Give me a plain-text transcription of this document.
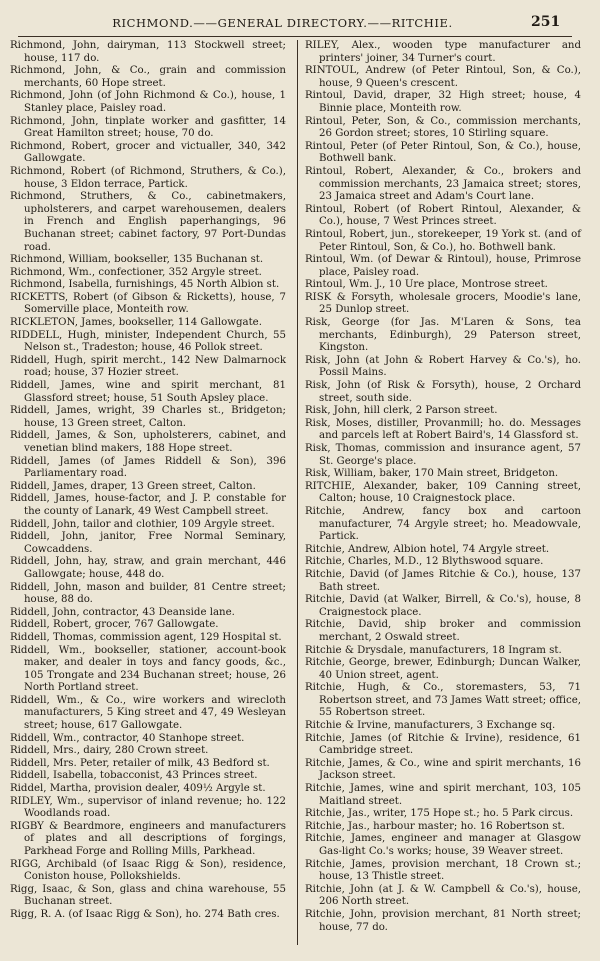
RICHMOND.——GENERAL DIRECTORY.——RITCHIE.	251
Richmond, John, dairyman, 113 Stockwell street; house, 117 do.
Richmond, John, & Co., grain and commission merchants, 60 Hope street.
Richmond, John (of John Richmond & Co.), house, 1 Stanley place, Paisley road.
Richmond, John, tinplate worker and gasfitter, 14 Great Hamilton street; house, 70 do.
Richmond, Robert, grocer and victualler, 340, 342 Gallowgate.
Richmond, Robert (of Richmond, Struthers, & Co.), house, 3 Eldon terrace, Partick.
Richmond, Struthers, & Co., cabinetmakers, upholsterers, and carpet warehousemen, dealers in French and English paperhangings, 96 Buchanan street; cabinet factory, 97 Port-Dundas road.
Richmond, William, bookseller, 135 Buchanan st.
Richmond, Wm., confectioner, 352 Argyle street.
Richmond, Isabella, furnishings, 45 North Albion st.
RICKETTS, Robert (of Gibson & Ricketts), house, 7 Somerville place, Monteith row.
RICKLETON, James, bookseller, 114 Gallowgate.
RIDDELL, Hugh, minister, Independent Church, 55 Nelson st., Tradeston; house, 46 Pollok street.
Riddell, Hugh, spirit mercht., 142 New Dalmarnock road; house, 37 Hozier street.
Riddell, James, wine and spirit merchant, 81 Glassford street; house, 51 South Apsley place.
Riddell, James, wright, 39 Charles st., Bridgeton; house, 13 Green street, Calton.
Riddell, James, & Son, upholsterers, cabinet, and venetian blind makers, 188 Hope street.
Riddell, James (of James Riddell & Son), 396 Parliamentary road.
Riddell, James, draper, 13 Green street, Calton.
Riddell, James, house-factor, and J. P. constable for the county of Lanark, 49 West Campbell street.
Riddell, John, tailor and clothier, 109 Argyle street.
Riddell, John, janitor, Free Normal Seminary, Cowcaddens.
Riddell, John, hay, straw, and grain merchant, 446 Gallowgate; house, 448 do.
Riddell, John, mason and builder, 81 Centre street; house, 88 do.
Riddell, John, contractor, 43 Deanside lane.
Riddell, Robert, grocer, 767 Gallowgate.
Riddell, Thomas, commission agent, 129 Hospital st.
Riddell, Wm., bookseller, stationer, account-book maker, and dealer in toys and fancy goods, &c., 105 Trongate and 234 Buchanan street; house, 26 North Portland street.
Riddell, Wm., & Co., wire workers and wirecloth manufacturers, 5 King street and 47, 49 Wesleyan street; house, 617 Gallowgate.
Riddell, Wm., contractor, 40 Stanhope street.
Riddell, Mrs., dairy, 280 Crown street.
Riddell, Mrs. Peter, retailer of milk, 43 Bedford st.
Riddell, Isabella, tobacconist, 43 Princes street.
Riddel, Martha, provision dealer, 409½ Argyle st.
RIDLEY, Wm., supervisor of inland revenue; ho. 122 Woodlands road.
RIGBY & Beardmore, engineers and manufacturers of plates and all descriptions of forgings, Parkhead Forge and Rolling Mills, Parkhead.
RIGG, Archibald (of Isaac Rigg & Son), residence, Coniston house, Pollokshields.
Rigg, Isaac, & Son, glass and china warehouse, 55 Buchanan street.
Rigg, R. A. (of Isaac Rigg & Son), ho. 274 Bath cres.
RILEY, Alex., wooden type manufacturer and printers' joiner, 34 Turner's court.
RINTOUL, Andrew (of Peter Rintoul, Son, & Co.), house, 9 Queen's crescent.
Rintoul, David, draper, 32 High street; house, 4 Binnie place, Monteith row.
Rintoul, Peter, Son, & Co., commission merchants, 26 Gordon street; stores, 10 Stirling square.
Rintoul, Peter (of Peter Rintoul, Son, & Co.), house, Bothwell bank.
Rintoul, Robert, Alexander, & Co., brokers and commission merchants, 23 Jamaica street; stores, 23 Jamaica street and Adam's Court lane.
Rintoul, Robert (of Robert Rintoul, Alexander, & Co.), house, 7 West Princes street.
Rintoul, Robert, jun., storekeeper, 19 York st. (and of Peter Rintoul, Son, & Co.), ho. Bothwell bank.
Rintoul, Wm. (of Dewar & Rintoul), house, Primrose place, Paisley road.
Rintoul, Wm. J., 10 Ure place, Montrose street.
RISK & Forsyth, wholesale grocers, Moodie's lane, 25 Dunlop street.
Risk, George (for Jas. M'Laren & Sons, tea merchants, Edinburgh), 29 Paterson street, Kingston.
Risk, John (at John & Robert Harvey & Co.'s), ho. Possil Mains.
Risk, John (of Risk & Forsyth), house, 2 Orchard street, south side.
Risk, John, hill clerk, 2 Parson street.
Risk, Moses, distiller, Provanmill; ho. do. Messages and parcels left at Robert Baird's, 14 Glassford st.
Risk, Thomas, commission and insurance agent, 57 St. George's place.
Risk, William, baker, 170 Main street, Bridgeton.
RITCHIE, Alexander, baker, 109 Canning street, Calton; house, 10 Craignestock place.
Ritchie, Andrew, fancy box and cartoon manufacturer, 74 Argyle street; ho. Meadowvale, Partick.
Ritchie, Andrew, Albion hotel, 74 Argyle street.
Ritchie, Charles, M.D., 12 Blythswood square.
Ritchie, David (of James Ritchie & Co.), house, 137 Bath street.
Ritchie, David (at Walker, Birrell, & Co.'s), house, 8 Craignestock place.
Ritchie, David, ship broker and commission merchant, 2 Oswald street.
Ritchie & Drysdale, manufacturers, 18 Ingram st.
Ritchie, George, brewer, Edinburgh; Duncan Walker, 40 Union street, agent.
Ritchie, Hugh, & Co., storemasters, 53, 71 Robertson street, and 73 James Watt street; office, 55 Robertson street.
Ritchie & Irvine, manufacturers, 3 Exchange sq.
Ritchie, James (of Ritchie & Irvine), residence, 61 Cambridge street.
Ritchie, James, & Co., wine and spirit merchants, 16 Jackson street.
Ritchie, James, wine and spirit merchant, 103, 105 Maitland street.
Ritchie, Jas., writer, 175 Hope st.; ho. 5 Park circus.
Ritchie, Jas., harbour master; ho. 16 Robertson st.
Ritchie, James, engineer and manager at Glasgow Gas-light Co.'s works; house, 39 Weaver street.
Ritchie, James, provision merchant, 18 Crown st.; house, 13 Thistle street.
Ritchie, John (at J. & W. Campbell & Co.'s), house, 206 North street.
Ritchie, John, provision merchant, 81 North street; house, 77 do.
